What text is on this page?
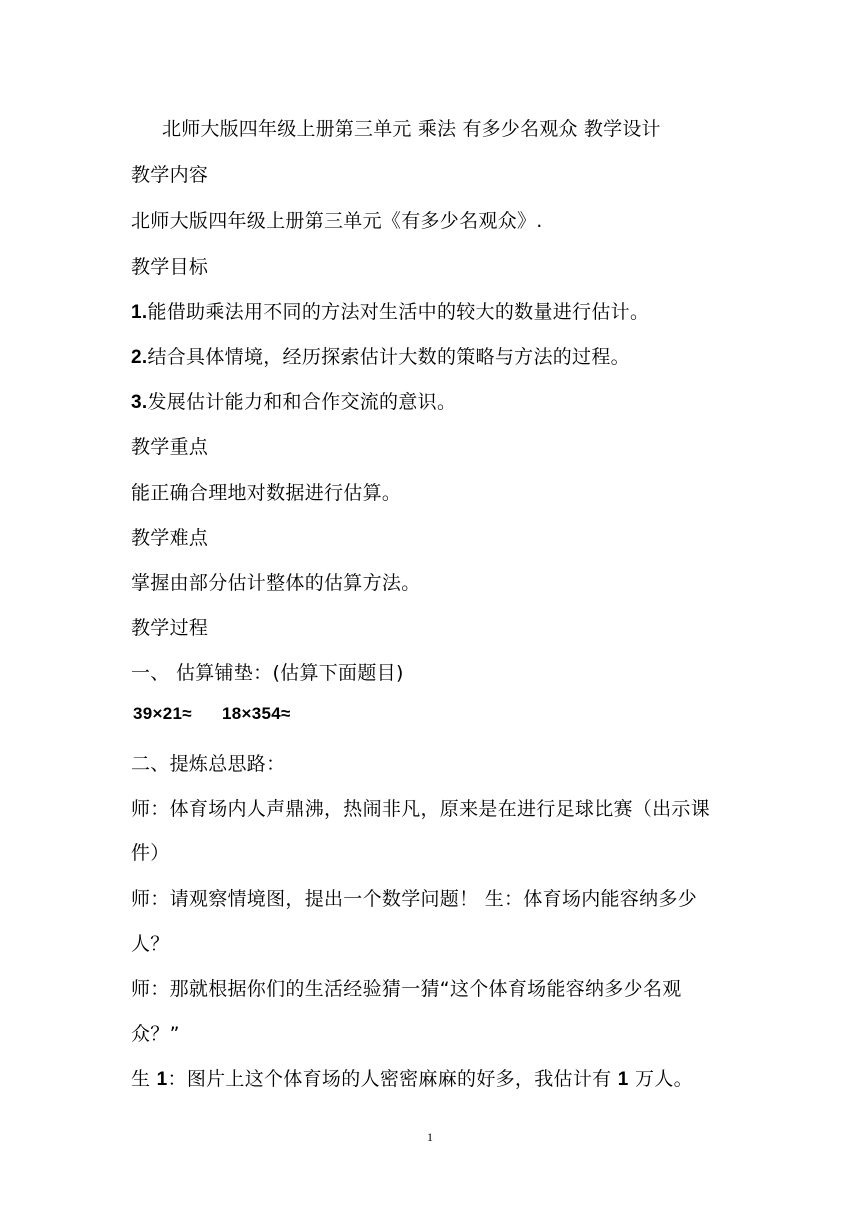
北师大版四年级上册第三单元 乘法 有多少名观众 教学设计
教学内容
北师大版四年级上册第三单元《有多少名观众》.
教学目标
1.能借助乘法用不同的方法对生活中的较大的数量进行估计。
2.结合具体情境，经历探索估计大数的策略与方法的过程。
3.发展估计能力和和合作交流的意识。
教学重点
能正确合理地对数据进行估算。
教学难点
掌握由部分估计整体的估算方法。
教学过程
一、 估算铺垫：(估算下面题目)
39×21≈ 18×354≈
二、提炼总思路：
师：体育场内人声鼎沸，热闹非凡，原来是在进行足球比赛（出示课
件）
师：请观察情境图，提出一个数学问题！ 生：体育场内能容纳多少
人？
师：那就根据你们的生活经验猜一猜“这个体育场能容纳多少名观
众？”
生 1：图片上这个体育场的人密密麻麻的好多，我估计有 1 万人。
1
